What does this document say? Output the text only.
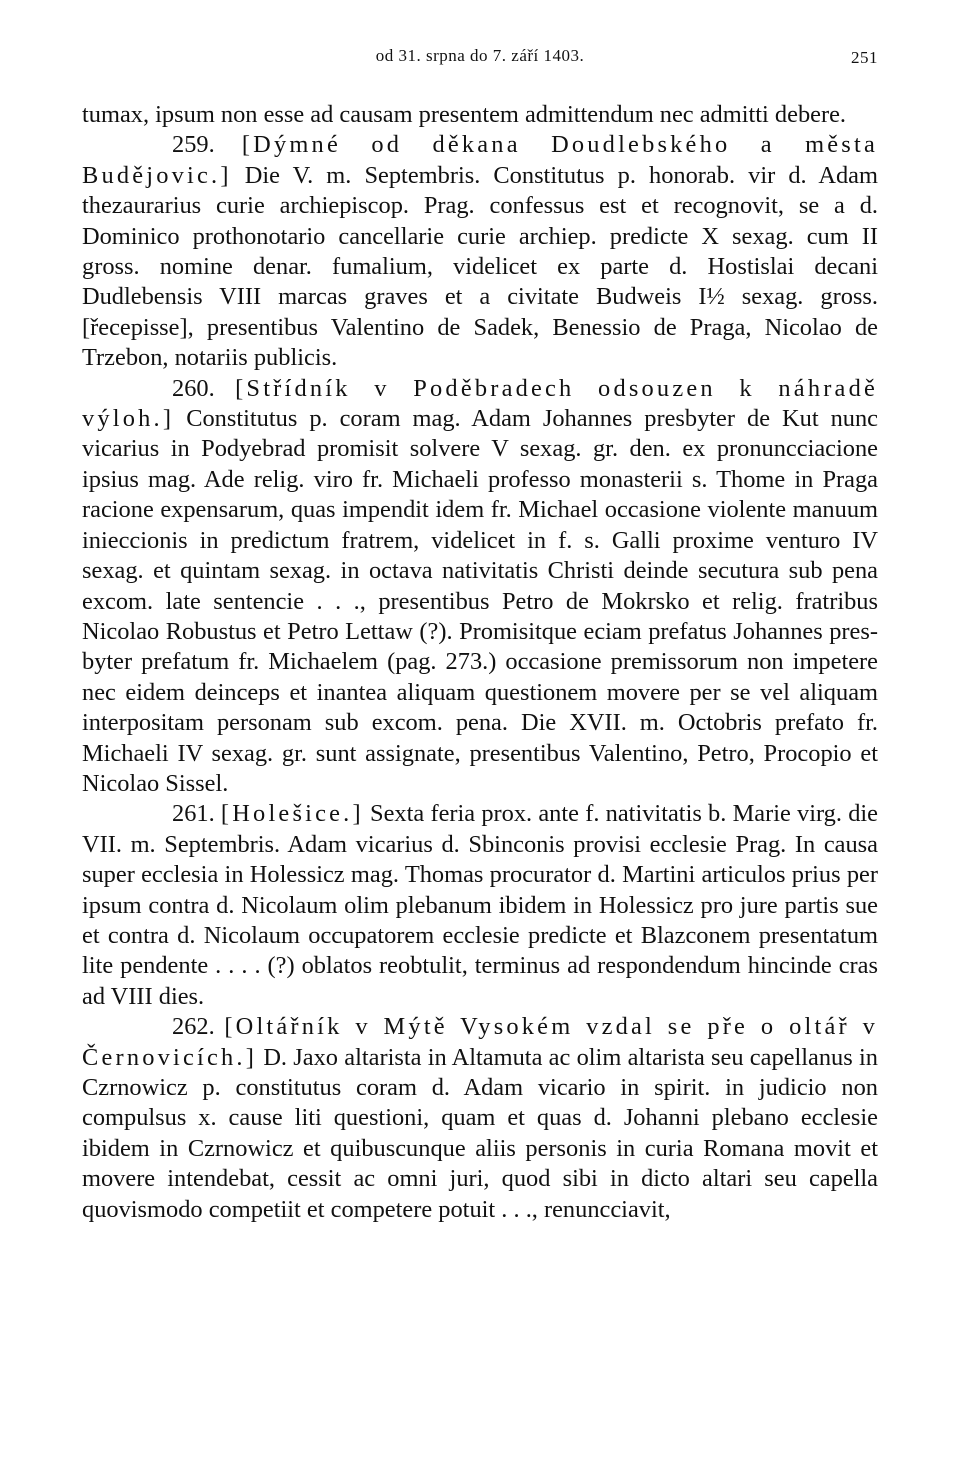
od 31. srpna do 7. září 1403.	251

tumax, ipsum non esse ad causam presentem admittendum nec admitti debere.

259. [Dýmné od děkana Doudlebského a města Budějovic.] Die V. m. Septembris. Constitutus p. honorab. vir d. Adam thezaurarius curie archiepiscop. Prag. confessus est et recognovit, se a d. Dominico prothonotario cancellarie curie archiep. predicte X sexag. cum II gross. nomine denar. fumalium, videlicet ex parte d. Hostislai decani Dudlebensis VIII marcas graves et a civitate Budweis I½ sexag. gross. [řecepisse], presentibus Valentino de Sadek, Benessio de Praga, Nicolao de Trzebon, notariis publicis.

260. [Střídník v Poděbradech odsouzen k náhradě výloh.] Constitutus p. coram mag. Adam Johannes presbyter de Kut nunc vicarius in Podyebrad promisit solvere V sexag. gr. den. ex pronuncciacione ipsius mag. Ade relig. viro fr. Michaeli professo monasterii s. Thome in Praga racione expensarum, quas impendit idem fr. Michael occasione violente manuum inieccionis in predictum fratrem, videlicet in f. s. Galli proxime venturo IV sexag. et quintam sexag. in octava nativitatis Christi deinde secutura sub pena excom. late sentencie . . ., presentibus Petro de Mokrsko et relig. fratribus Nicolao Robustus et Petro Lettaw (?). Promisitque eciam prefatus Johannes presbyter prefatum fr. Michaelem (pag. 273.) occasione premissorum non impetere nec eidem deinceps et inantea aliquam questionem movere per se vel aliquam interpositam personam sub excom. pena. Die XVII. m. Octobris prefato fr. Michaeli IV sexag. gr. sunt assignate, presentibus Valentino, Petro, Procopio et Nicolao Sissel.

261. [Holešice.] Sexta feria prox. ante f. nativitatis b. Marie virg. die VII. m. Septembris. Adam vicarius d. Sbinconis provisi ecclesie Prag. In causa super ecclesia in Holessicz mag. Thomas procurator d. Martini articulos prius per ipsum contra d. Nicolaum olim plebanum ibidem in Holessicz pro jure partis sue et contra d. Nicolaum occupatorem ecclesie predicte et Blazconem presentatum lite pendente . . . . (?) oblatos reobtulit, terminus ad respondendum hincinde cras ad VIII dies.

262. [Oltářník v Mýtě Vysokém vzdal se pře o oltář v Černovicích.] D. Jaxo altarista in Altamuta ac olim altarista seu capellanus in Czrnowicz p. constitutus coram d. Adam vicario in spirit. in judicio non compulsus x. cause liti questioni, quam et quas d. Johanni plebano ecclesie ibidem in Czrnowicz et quibuscunque aliis personis in curia Romana movit et movere intendebat, cessit ac omni juri, quod sibi in dicto altari seu capella quovismodo competiit et competere potuit . . ., renuncciavit,
